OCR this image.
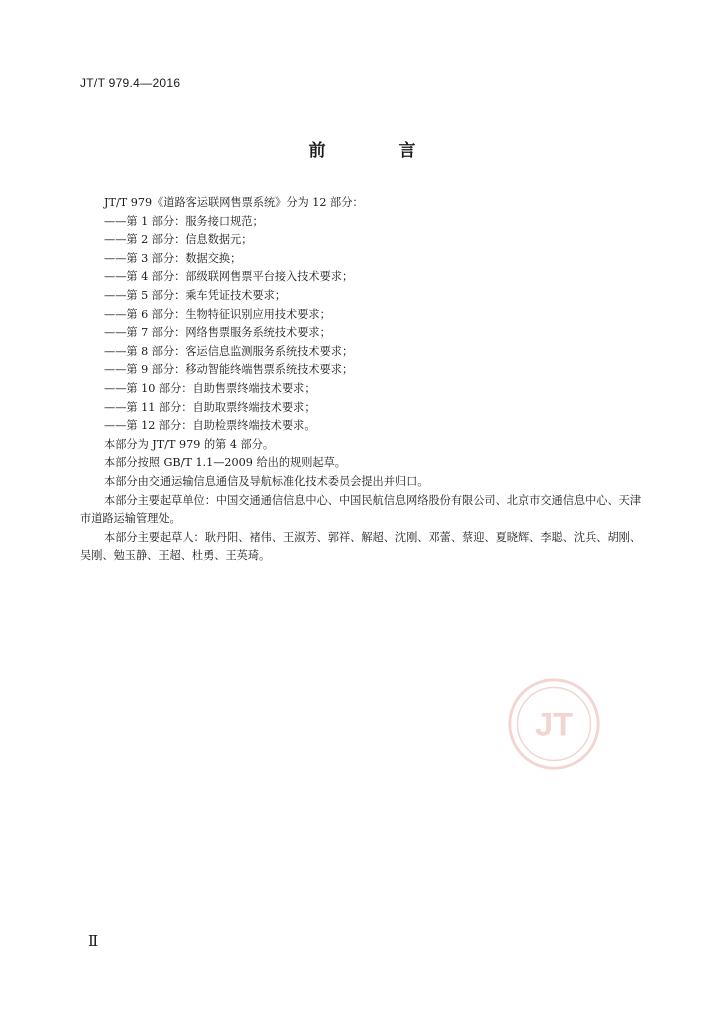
JT/T 979.4—2016
前　言

JT/T 979《道路客运联网售票系统》分为 12 部分：

——第 1 部分：服务接口规范；

——第 2 部分：信息数据元；

——第 3 部分：数据交换；

——第 4 部分：部级联网售票平台接入技术要求；

——第 5 部分：乘车凭证技术要求；

——第 6 部分：生物特征识别应用技术要求；

——第 7 部分：网络售票服务系统技术要求；

——第 8 部分：客运信息监测服务系统技术要求；

——第 9 部分：移动智能终端售票系统技术要求；

——第 10 部分：自助售票终端技术要求；

——第 11 部分：自助取票终端技术要求；

——第 12 部分：自助检票终端技术要求。

本部分为 JT/T 979 的第 4 部分。

本部分按照 GB/T 1.1—2009 给出的规则起草。

本部分由交通运输信息通信及导航标准化技术委员会提出并归口。

本部分主要起草单位：中国交通通信信息中心、中国民航信息网络股份有限公司、北京市交通信息中心、天津市道路运输管理处。

本部分主要起草人：耿丹阳、褚伟、王淑芳、郭祥、解超、沈刚、邓蕾、蔡迎、夏晓辉、李聪、沈兵、胡刚、吴刚、勉玉静、王超、杜勇、王英琦。

JT
Ⅱ
